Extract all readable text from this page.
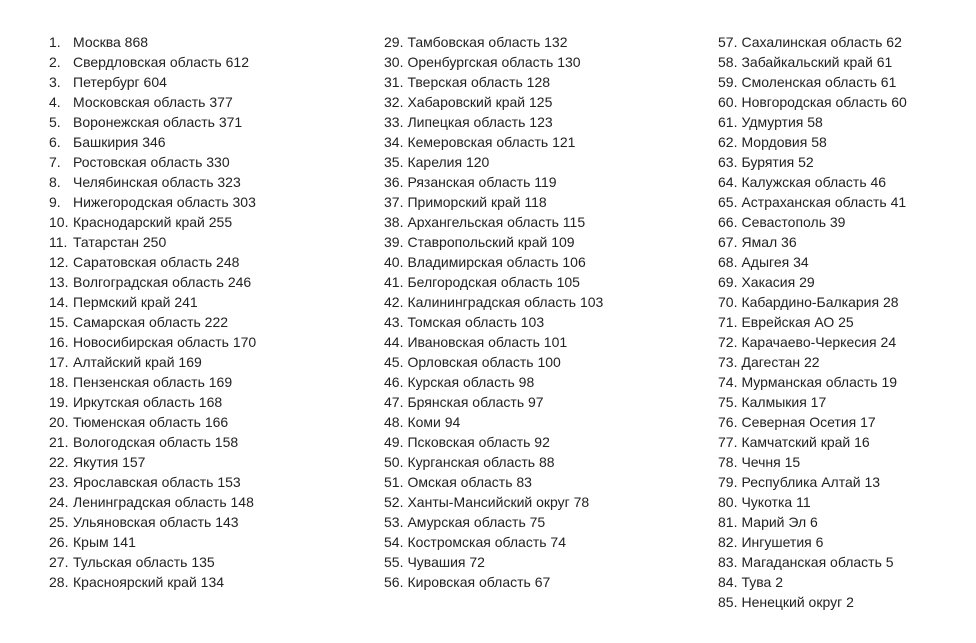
1. Москва 868
2. Свердловская область 612
3. Петербург 604
4. Московская область 377
5. Воронежская область 371
6. Башкирия 346
7. Ростовская область 330
8. Челябинская область 323
9. Нижегородская область 303
10. Краснодарский край 255
11. Татарстан 250
12. Саратовская область 248
13. Волгоградская область 246
14. Пермский край 241
15. Самарская область 222
16. Новосибирская область 170
17. Алтайский край 169
18. Пензенская область 169
19. Иркутская область 168
20. Тюменская область 166
21. Вологодская область 158
22. Якутия 157
23. Ярославская область 153
24. Ленинградская область 148
25. Ульяновская область 143
26. Крым 141
27. Тульская область 135
28. Красноярский край 134
29. Тамбовская область 132
30. Оренбургская область 130
31. Тверская область 128
32. Хабаровский край 125
33. Липецкая область 123
34. Кемеровская область 121
35. Карелия 120
36. Рязанская область 119
37. Приморский край 118
38. Архангельская область 115
39. Ставропольский край 109
40. Владимирская область 106
41. Белгородская область 105
42. Калининградская область 103
43. Томская область 103
44. Ивановская область 101
45. Орловская область 100
46. Курская область 98
47. Брянская область 97
48. Коми 94
49. Псковская область 92
50. Курганская область 88
51. Омская область 83
52. Ханты-Мансийский округ 78
53. Амурская область 75
54. Костромская область 74
55. Чувашия 72
56. Кировская область 67
57. Сахалинская область 62
58. Забайкальский край 61
59. Смоленская область 61
60. Новгородская область 60
61. Удмуртия 58
62. Мордовия 58
63. Бурятия 52
64. Калужская область 46
65. Астраханская область 41
66. Севастополь 39
67. Ямал 36
68. Адыгея 34
69. Хакасия 29
70. Кабардино-Балкария 28
71. Еврейская АО 25
72. Карачаево-Черкесия 24
73. Дагестан 22
74. Мурманская область 19
75. Калмыкия 17
76. Северная Осетия 17
77. Камчатский край 16
78. Чечня 15
79. Республика Алтай 13
80. Чукотка 11
81. Марий Эл 6
82. Ингушетия 6
83. Магаданская область 5
84. Тува 2
85. Ненецкий округ 2
